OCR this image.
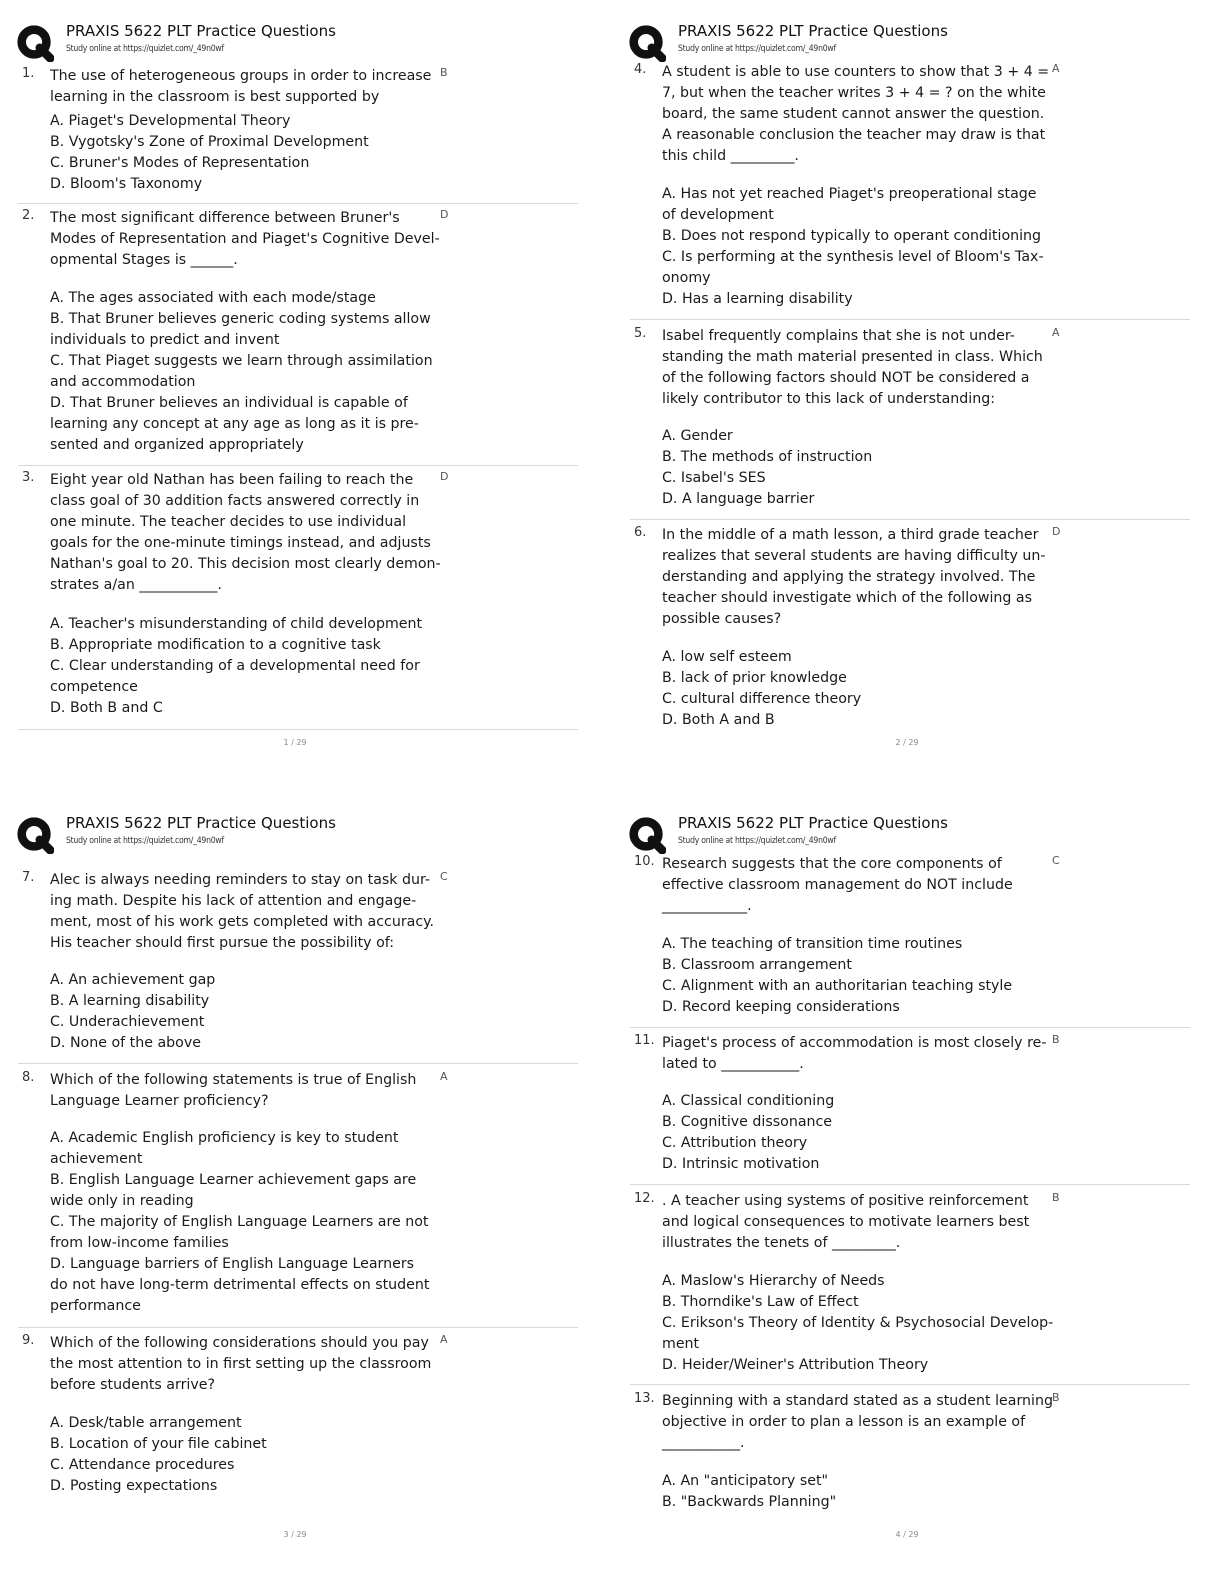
PRAXIS 5622 PLT Practice Questions
Study online at https://quizlet.com/_49n0wf
1. The use of heterogeneous groups in order to increase
learning in the classroom is best supported by
B
A. Piaget's Developmental Theory
B. Vygotsky's Zone of Proximal Development
C. Bruner's Modes of Representation
D. Bloom's Taxonomy
2. The most significant difference between Bruner's
Modes of Representation and Piaget's Cognitive Devel-
opmental Stages is ______.
D
A. The ages associated with each mode/stage
B. That Bruner believes generic coding systems allow
individuals to predict and invent
C. That Piaget suggests we learn through assimilation
and accommodation
D. That Bruner believes an individual is capable of
learning any concept at any age as long as it is pre-
sented and organized appropriately
3. Eight year old Nathan has been failing to reach the
class goal of 30 addition facts answered correctly in
one minute. The teacher decides to use individual
goals for the one-minute timings instead, and adjusts
Nathan's goal to 20. This decision most clearly demon-
strates a/an ___________.
D
A. Teacher's misunderstanding of child development
B. Appropriate modification to a cognitive task
C. Clear understanding of a developmental need for
competence
D. Both B and C
1 / 29
PRAXIS 5622 PLT Practice Questions
Study online at https://quizlet.com/_49n0wf
4. A student is able to use counters to show that 3 + 4 =
7, but when the teacher writes 3 + 4 = ? on the white
board, the same student cannot answer the question.
A reasonable conclusion the teacher may draw is that
this child _________.
A
A. Has not yet reached Piaget's preoperational stage
of development
B. Does not respond typically to operant conditioning
C. Is performing at the synthesis level of Bloom's Tax-
onomy
D. Has a learning disability
5. Isabel frequently complains that she is not under-
standing the math material presented in class. Which
of the following factors should NOT be considered a
likely contributor to this lack of understanding:
A
A. Gender
B. The methods of instruction
C. Isabel's SES
D. A language barrier
6. In the middle of a math lesson, a third grade teacher
realizes that several students are having difficulty un-
derstanding and applying the strategy involved. The
teacher should investigate which of the following as
possible causes?
D
A. low self esteem
B. lack of prior knowledge
C. cultural difference theory
D. Both A and B
2 / 29
PRAXIS 5622 PLT Practice Questions
Study online at https://quizlet.com/_49n0wf
7. Alec is always needing reminders to stay on task dur-
ing math. Despite his lack of attention and engage-
ment, most of his work gets completed with accuracy.
His teacher should first pursue the possibility of:
C
A. An achievement gap
B. A learning disability
C. Underachievement
D. None of the above
8. Which of the following statements is true of English
Language Learner proficiency?
A
A. Academic English proficiency is key to student
achievement
B. English Language Learner achievement gaps are
wide only in reading
C. The majority of English Language Learners are not
from low-income families
D. Language barriers of English Language Learners
do not have long-term detrimental effects on student
performance
9. Which of the following considerations should you pay
the most attention to in first setting up the classroom
before students arrive?
A
A. Desk/table arrangement
B. Location of your file cabinet
C. Attendance procedures
D. Posting expectations
3 / 29
PRAXIS 5622 PLT Practice Questions
Study online at https://quizlet.com/_49n0wf
10. Research suggests that the core components of
effective classroom management do NOT include
____________.
C
A. The teaching of transition time routines
B. Classroom arrangement
C. Alignment with an authoritarian teaching style
D. Record keeping considerations
11. Piaget's process of accommodation is most closely re-
lated to ___________.
B
A. Classical conditioning
B. Cognitive dissonance
C. Attribution theory
D. Intrinsic motivation
12. . A teacher using systems of positive reinforcement
and logical consequences to motivate learners best
illustrates the tenets of _________.
B
A. Maslow's Hierarchy of Needs
B. Thorndike's Law of Effect
C. Erikson's Theory of Identity & Psychosocial Develop-
ment
D. Heider/Weiner's Attribution Theory
13. Beginning with a standard stated as a student learning
objective in order to plan a lesson is an example of
___________.
B
A. An "anticipatory set"
B. "Backwards Planning"
4 / 29
